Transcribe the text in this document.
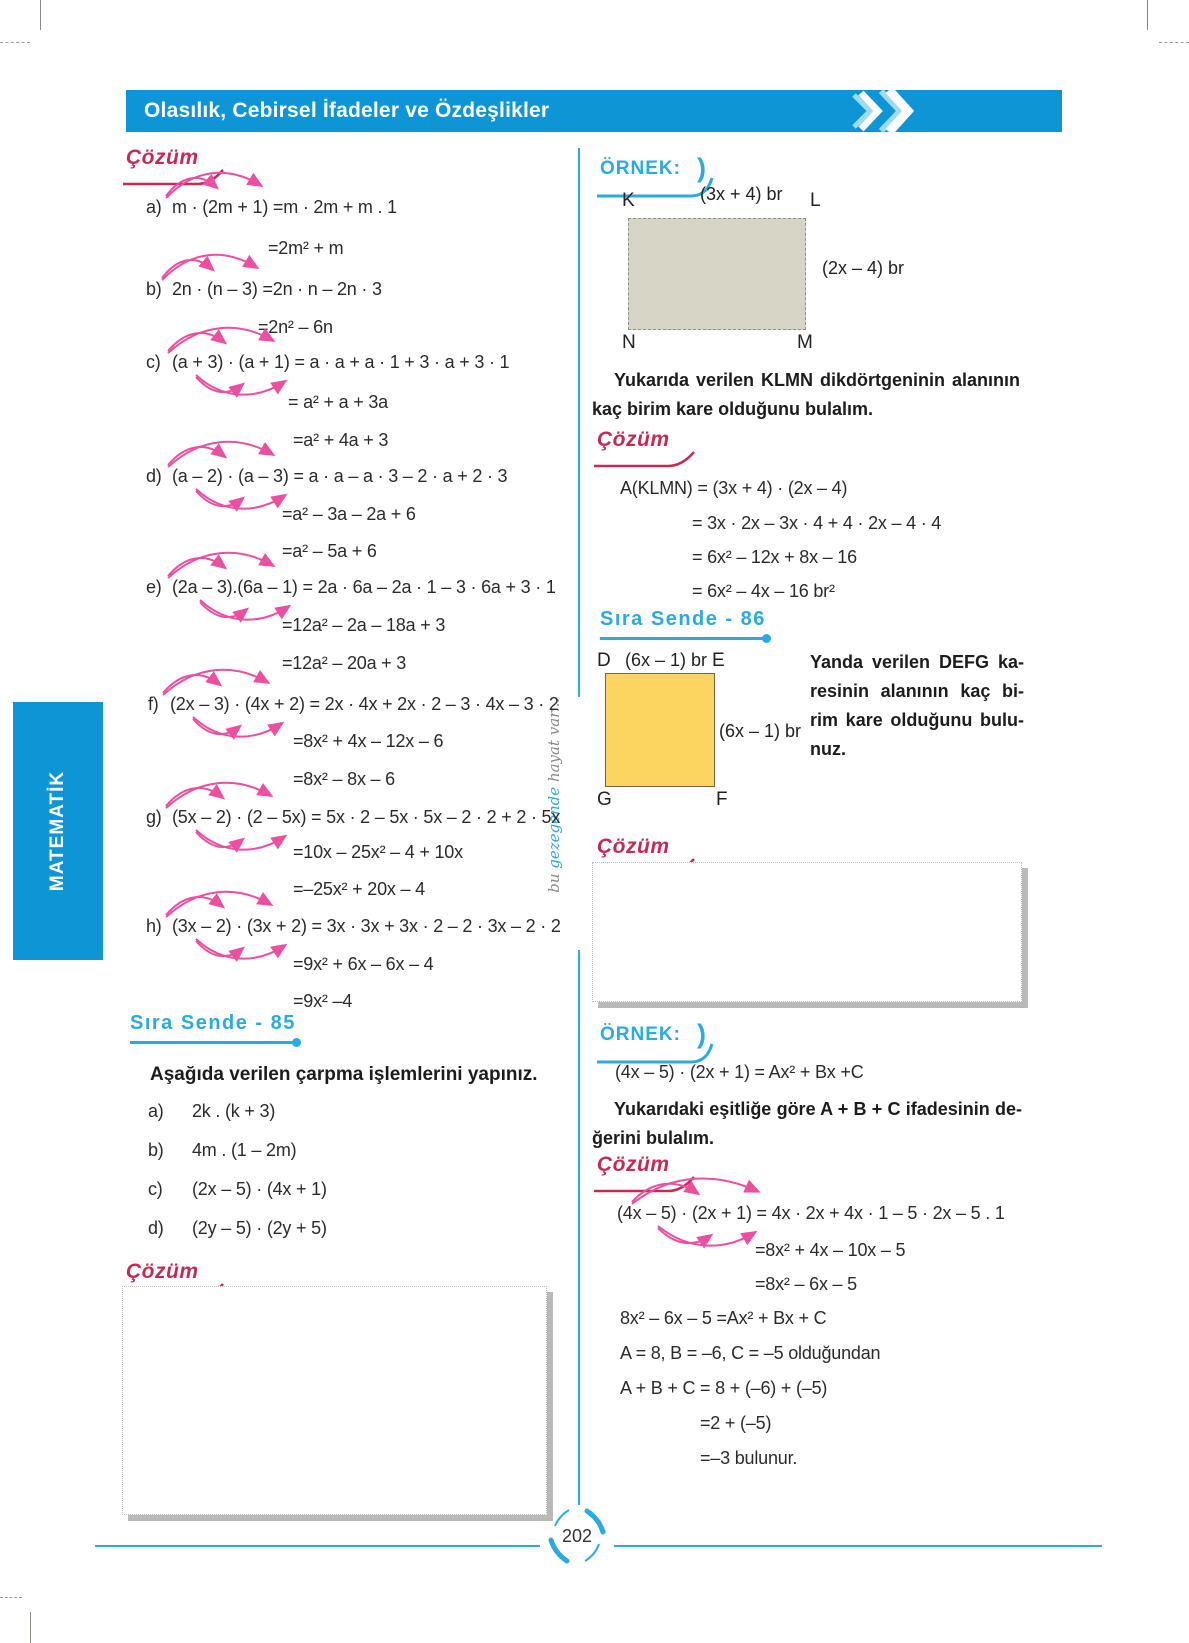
Olasılık, Cebirsel İfadeler ve Özdeşlikler
MATEMATİK	bu gezegende hayat var...
Çözüm
a) m · (2m + 1) =m · 2m + m . 1
=2m² + m
b) 2n · (n – 3) =2n · n – 2n · 3
=2n² – 6n
c) (a + 3) · (a + 1) = a · a + a · 1 + 3 · a + 3 · 1
= a² + a + 3a
=a² + 4a + 3
d) (a – 2) · (a – 3) = a · a – a · 3 – 2 · a + 2 · 3
=a² – 3a – 2a + 6
=a² – 5a + 6
e) (2a – 3).(6a – 1) = 2a · 6a – 2a · 1 – 3 · 6a + 3 · 1
=12a² – 2a – 18a + 3
=12a² – 20a + 3
f) (2x – 3) · (4x + 2) = 2x · 4x + 2x · 2 – 3 · 4x – 3 · 2
=8x² + 4x – 12x – 6
=8x² – 8x – 6
g) (5x – 2) · (2 – 5x) = 5x · 2 – 5x · 5x – 2 · 2 + 2 · 5x
=10x – 25x² – 4 + 10x
=–25x² + 20x – 4
h) (3x – 2) · (3x + 2) = 3x · 3x + 3x · 2 – 2 · 3x – 2 · 2
=9x² + 6x – 6x – 4
=9x² –4
Sıra Sende - 85
Aşağıda verilen çarpma işlemlerini yapınız.
a) 2k . (k + 3)
b) 4m . (1 – 2m)
c) (2x – 5) · (4x + 1)
d) (2y – 5) · (2y + 5)
Çözüm
ÖRNEK: )
K	(3x + 4) br L
(2x – 4) br
N	M
Yukarıda verilen KLMN dikdörtgeninin alanının
kaç birim kare olduğunu bulalım.
Çözüm
A(KLMN) = (3x + 4) · (2x – 4)
= 3x · 2x – 3x · 4 + 4 · 2x – 4 · 4
= 6x² – 12x + 8x – 16
= 6x² – 4x – 16 br²
Sıra Sende - 86
D (6x – 1) br E
(6x – 1) br
G	F
Yanda verilen DEFG ka-
resinin alanının kaç bi-
rim kare olduğunu bulu-
nuz.
Çözüm
ÖRNEK: )
(4x – 5) · (2x + 1) = Ax² + Bx +C
Yukarıdaki eşitliğe göre A + B + C ifadesinin de-
ğerini bulalım.
Çözüm
(4x – 5) · (2x + 1) = 4x · 2x + 4x · 1 – 5 · 2x – 5 . 1
=8x² + 4x – 10x – 5
=8x² – 6x – 5
8x² – 6x – 5 =Ax² + Bx + C
A = 8, B = –6, C = –5 olduğundan
A + B + C = 8 + (–6) + (–5)
=2 + (–5)
=–3 bulunur.
202
